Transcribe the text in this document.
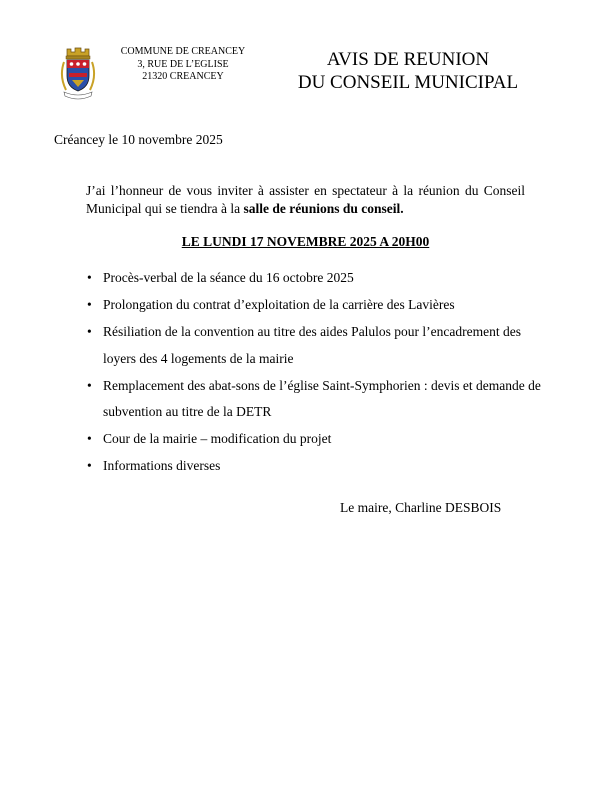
COMMUNE DE CREANCEY
3, RUE DE L’EGLISE
21320 CREANCEY
AVIS DE REUNION
DU CONSEIL MUNICIPAL
Créancey le 10 novembre 2025
J’ai l’honneur de vous inviter à assister en spectateur à la réunion du Conseil Municipal qui se tiendra à la salle de réunions du conseil.
LE LUNDI 17 NOVEMBRE 2025 A 20H00
• Procès-verbal de la séance du 16 octobre 2025
• Prolongation du contrat d’exploitation de la carrière des Lavières
• Résiliation de la convention au titre des aides Palulos pour l’encadrement des loyers des 4 logements de la mairie
• Remplacement des abat-sons de l’église Saint-Symphorien : devis et demande de subvention au titre de la DETR
• Cour de la mairie – modification du projet
• Informations diverses
Le maire, Charline DESBOIS
